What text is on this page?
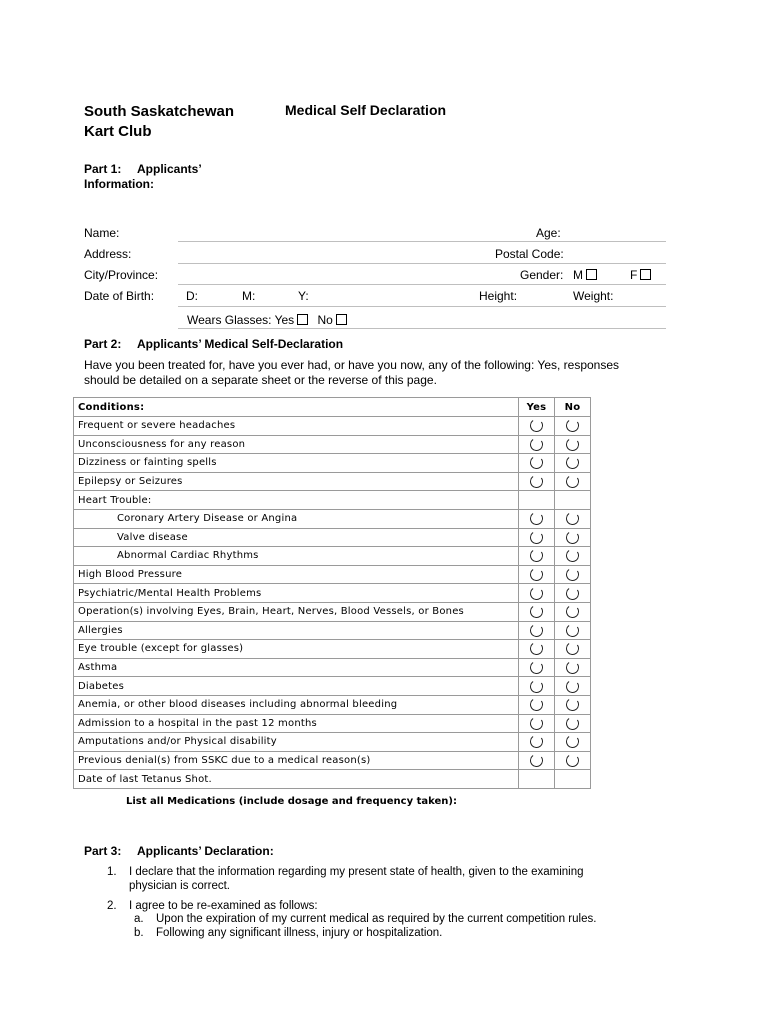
South Saskatchewan
Kart Club
Medical Self Declaration
Part 1: Applicants’
Information:
Name:	Age:
Address:	Postal Code:
City/Province:	Gender: M	F
Date of Birth:	D:	M:	Y:	Height:	Weight:
Wears Glasses: Yes No
Part 2: Applicants’ Medical Self-Declaration
Have you been treated for, have you ever had, or have you now, any of the following: Yes, responses
should be detailed on a separate sheet or the reverse of this page.
Conditions:	Yes	No
Frequent or severe headaches		
Unconsciousness for any reason		
Dizziness or fainting spells		
Epilepsy or Seizures		
Heart Trouble:		
Coronary Artery Disease or Angina		
Valve disease		
Abnormal Cardiac Rhythms		
High Blood Pressure		
Psychiatric/Mental Health Problems		
Operation(s) involving Eyes, Brain, Heart, Nerves, Blood Vessels, or Bones		
Allergies		
Eye trouble (except for glasses)		
Asthma		
Diabetes		
Anemia, or other blood diseases including abnormal bleeding		
Admission to a hospital in the past 12 months		
Amputations and/or Physical disability		
Previous denial(s) from SSKC due to a medical reason(s)		
Date of last Tetanus Shot.		
List all Medications (include dosage and frequency taken):
Part 3: Applicants’ Declaration:
1. I declare that the information regarding my present state of health, given to the examining
physician is correct.
2. I agree to be re-examined as follows:
a. Upon the expiration of my current medical as required by the current competition rules.
b. Following any significant illness, injury or hospitalization.
